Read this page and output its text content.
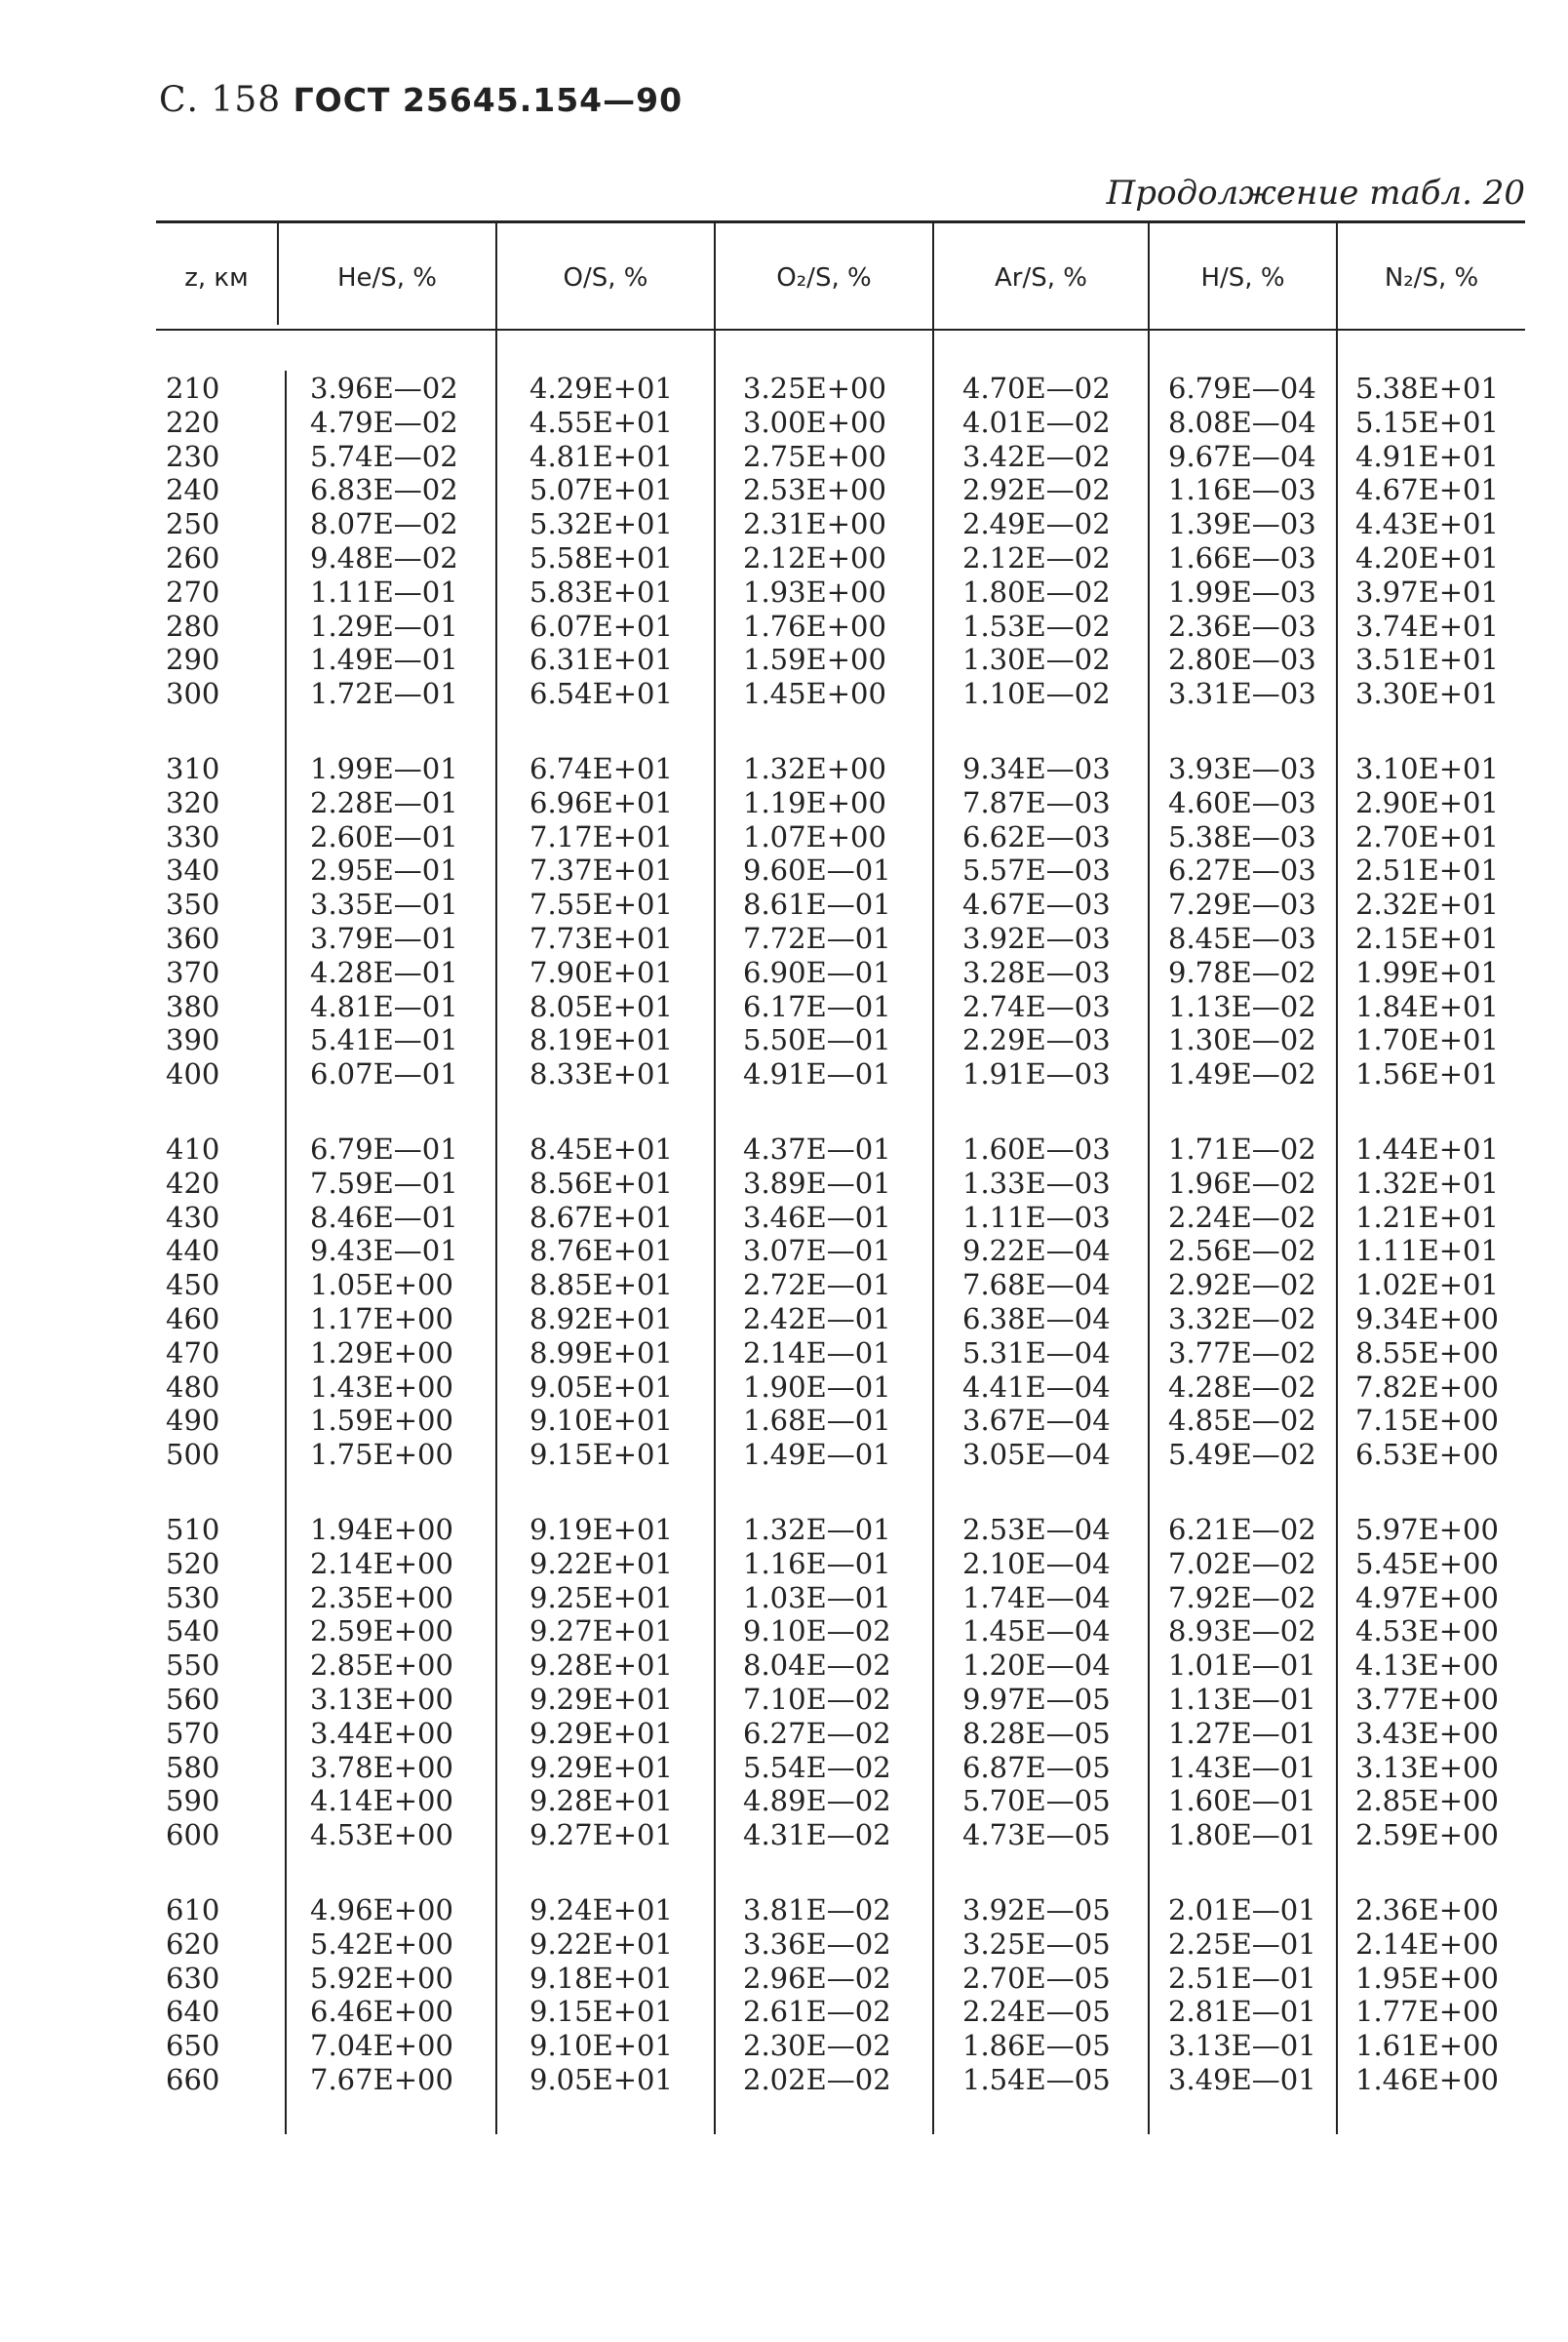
С. 158 ГОСТ 25645.154—90
Продолжение табл. 20
z, км	He/S, %	O/S, %	O₂/S, %	Ar/S, %	H/S, %	N₂/S, %
210	3.96E—02	4.29E+01 3.25E+00	4.70E—02 6.79E—04 5.38E+01
220	4.79E—02	4.55E+01 3.00E+00	4.01E—02 8.08E—04 5.15E+01
230	5.74E—02	4.81E+01 2.75E+00	3.42E—02 9.67E—04 4.91E+01
240	6.83E—02	5.07E+01 2.53E+00	2.92E—02 1.16E—03 4.67E+01
250	8.07E—02	5.32E+01 2.31E+00	2.49E—02 1.39E—03 4.43E+01
260	9.48E—02	5.58E+01 2.12E+00	2.12E—02 1.66E—03 4.20E+01
270	1.11E—01	5.83E+01 1.93E+00	1.80E—02 1.99E—03 3.97E+01
280	1.29E—01	6.07E+01 1.76E+00	1.53E—02 2.36E—03 3.74E+01
290	1.49E—01	6.31E+01 1.59E+00	1.30E—02 2.80E—03 3.51E+01
300	1.72E—01	6.54E+01 1.45E+00	1.10E—02 3.31E—03 3.30E+01
310	1.99E—01	6.74E+01 1.32E+00	9.34E—03 3.93E—03 3.10E+01
320	2.28E—01	6.96E+01 1.19E+00	7.87E—03 4.60E—03 2.90E+01
330	2.60E—01	7.17E+01 1.07E+00	6.62E—03 5.38E—03 2.70E+01
340	2.95E—01	7.37E+01 9.60E—01	5.57E—03 6.27E—03 2.51E+01
350	3.35E—01	7.55E+01 8.61E—01	4.67E—03 7.29E—03 2.32E+01
360	3.79E—01	7.73E+01 7.72E—01	3.92E—03 8.45E—03 2.15E+01
370	4.28E—01	7.90E+01 6.90E—01	3.28E—03 9.78E—02 1.99E+01
380	4.81E—01	8.05E+01 6.17E—01	2.74E—03 1.13E—02 1.84E+01
390	5.41E—01	8.19E+01 5.50E—01	2.29E—03 1.30E—02 1.70E+01
400	6.07E—01	8.33E+01 4.91E—01	1.91E—03 1.49E—02 1.56E+01
410	6.79E—01	8.45E+01 4.37E—01	1.60E—03 1.71E—02 1.44E+01
420	7.59E—01	8.56E+01 3.89E—01	1.33E—03 1.96E—02 1.32E+01
430	8.46E—01	8.67E+01 3.46E—01	1.11E—03 2.24E—02 1.21E+01
440	9.43E—01	8.76E+01 3.07E—01	9.22E—04 2.56E—02 1.11E+01
450	1.05E+00	8.85E+01 2.72E—01	7.68E—04 2.92E—02 1.02E+01
460	1.17E+00	8.92E+01 2.42E—01	6.38E—04 3.32E—02 9.34E+00
470	1.29E+00	8.99E+01 2.14E—01	5.31E—04 3.77E—02 8.55E+00
480	1.43E+00	9.05E+01 1.90E—01	4.41E—04 4.28E—02 7.82E+00
490	1.59E+00	9.10E+01 1.68E—01	3.67E—04 4.85E—02 7.15E+00
500	1.75E+00	9.15E+01 1.49E—01	3.05E—04 5.49E—02 6.53E+00
510	1.94E+00	9.19E+01 1.32E—01	2.53E—04 6.21E—02 5.97E+00
520	2.14E+00	9.22E+01 1.16E—01	2.10E—04 7.02E—02 5.45E+00
530	2.35E+00	9.25E+01 1.03E—01	1.74E—04 7.92E—02 4.97E+00
540	2.59E+00	9.27E+01 9.10E—02	1.45E—04 8.93E—02 4.53E+00
550	2.85E+00	9.28E+01 8.04E—02	1.20E—04 1.01E—01 4.13E+00
560	3.13E+00	9.29E+01 7.10E—02	9.97E—05 1.13E—01 3.77E+00
570	3.44E+00	9.29E+01 6.27E—02	8.28E—05 1.27E—01 3.43E+00
580	3.78E+00	9.29E+01 5.54E—02	6.87E—05 1.43E—01 3.13E+00
590	4.14E+00	9.28E+01 4.89E—02	5.70E—05 1.60E—01 2.85E+00
600	4.53E+00	9.27E+01 4.31E—02	4.73E—05 1.80E—01 2.59E+00
610	4.96E+00	9.24E+01 3.81E—02	3.92E—05 2.01E—01 2.36E+00
620	5.42E+00	9.22E+01 3.36E—02	3.25E—05 2.25E—01 2.14E+00
630	5.92E+00	9.18E+01 2.96E—02	2.70E—05 2.51E—01 1.95E+00
640	6.46E+00	9.15E+01 2.61E—02	2.24E—05 2.81E—01 1.77E+00
650	7.04E+00	9.10E+01 2.30E—02	1.86E—05 3.13E—01 1.61E+00
660	7.67E+00	9.05E+01 2.02E—02	1.54E—05 3.49E—01 1.46E+00
